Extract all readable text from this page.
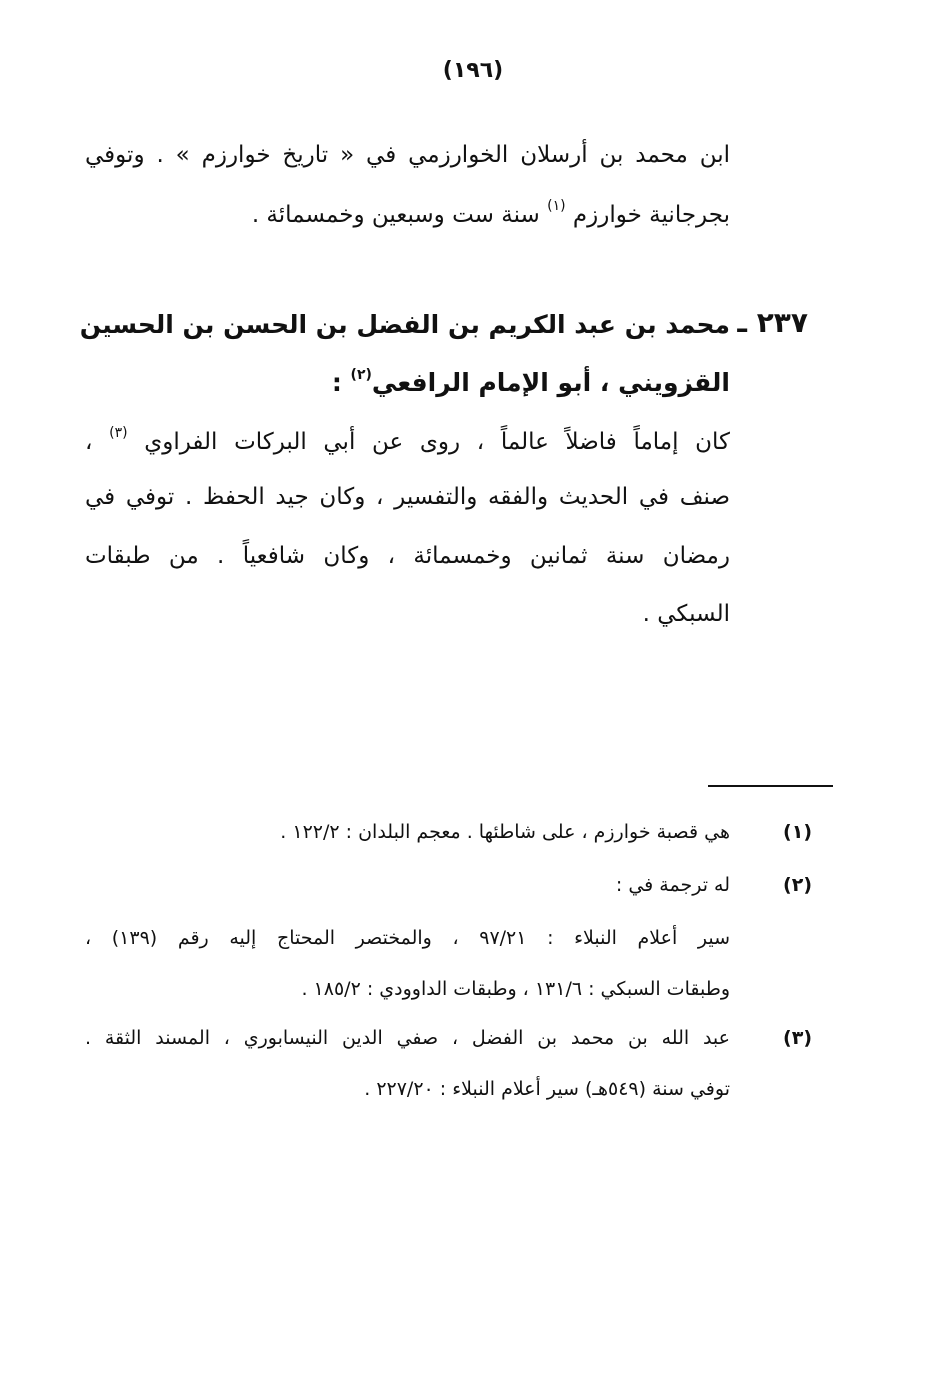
(١٩٦)
ابن محمد بن أرسلان الخوارزمي في « تاريخ خوارزم » . وتوفي
بجرجانية خوارزم $^{(١)}$ سنة ست وسبعين وخمسمائة .
٢٣٧ ـ
محمد بن عبد الكريم بن الفضل بن الحسن بن الحسين
القزويني ، أبو الإمام الرافعي$^{(٢)}$ :
كان إماماً فاضلاً عالماً ، روى عن أبي البركات الفراوي $^{(٣)}$ ،
صنف في الحديث والفقه والتفسير ، وكان جيد الحفظ . توفي في
رمضان سنة ثمانين وخمسمائة ، وكان شافعياً . من طبقات
السبكي .
(١)
هي قصبة خوارزم ، على شاطئها . معجم البلدان : ١٢٢/٢ .
(٢)
له ترجمة في :
سير أعلام النبلاء : ٩٧/٢١ ، والمختصر المحتاج إليه رقم (١٣٩) ،
وطبقات السبكي : ١٣١/٦ ، وطبقات الداوودي : ١٨٥/٢ .
(٣)
عبد الله بن محمد بن الفضل ، صفي الدين النيسابوري ، المسند الثقة .
توفي سنة (٥٤٩هـ) سير أعلام النبلاء : ٢٢٧/٢٠ .
